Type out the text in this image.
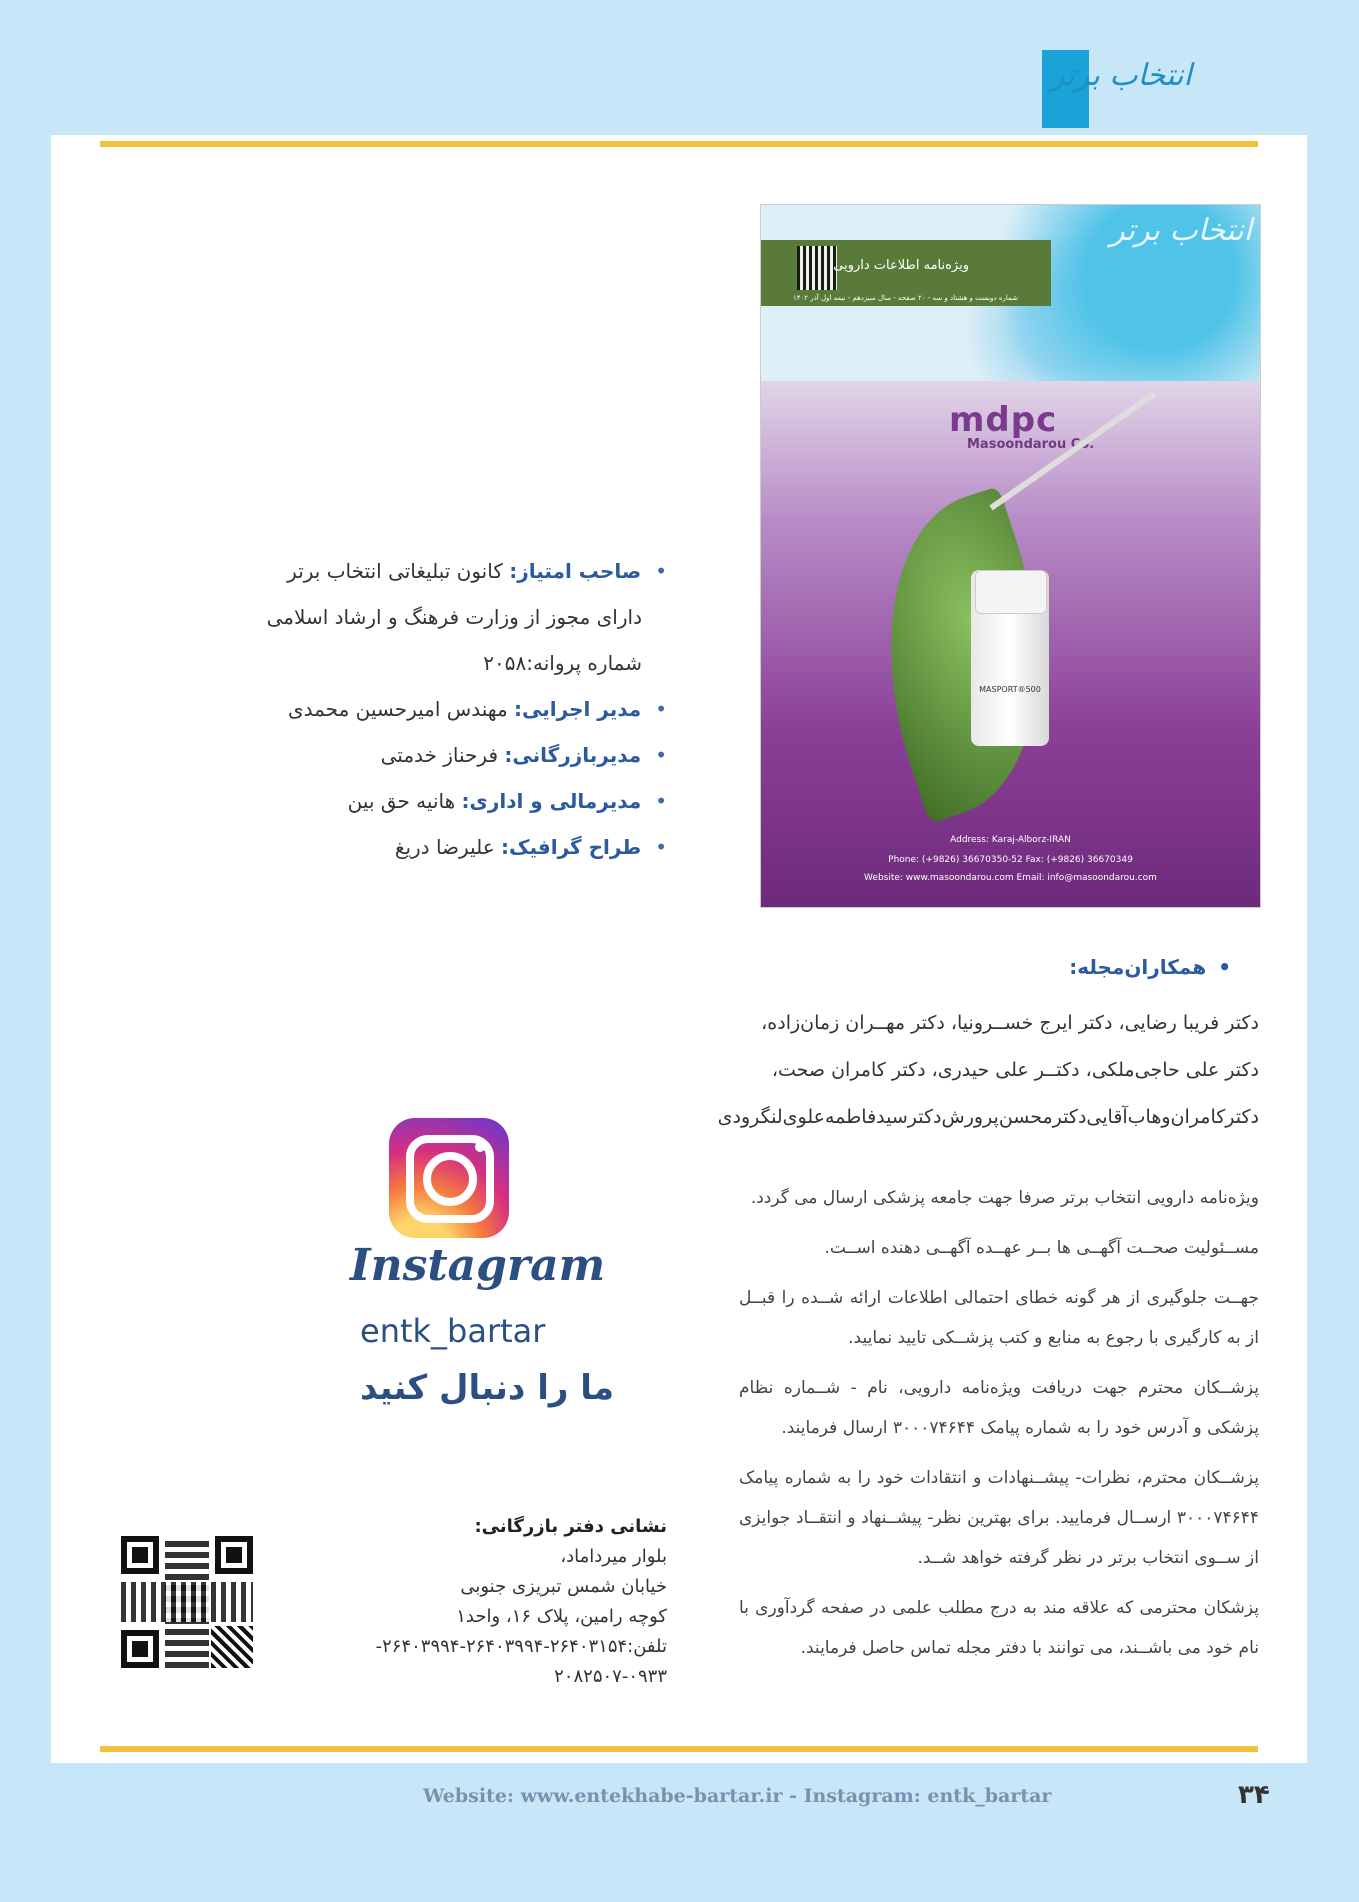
انتخاب برتر
ویژه‌نامه اطلاعات دارویی
شماره دویست و هشتاد و سه - ۲۰ صفحه - سال سیزدهم - نیمه اول آذر ۱۴۰۲
انتخاب برتر
mdpc
Masoondarou Co.
MASPORT®500
Address: Karaj-Alborz-IRAN
Phone: (+9826) 36670350-52 Fax: (+9826) 36670349
Website: www.masoondarou.com Email: info@masoondarou.com
•صاحب امتیاز: کانون تبلیغاتی انتخاب برتر
دارای مجوز از وزارت فرهنگ و ارشاد اسلامی
شماره پروانه:۲۰۵۸
•مدیر اجرایی: مهندس امیرحسین محمدی
•مدیربازرگانی: فرحناز خدمتی
•مدیرمالی و اداری: هانیه حق بین
•طراح گرافیک: علیرضا دریغ
•همکاران‌مجله:
دکتر فریبا رضایی، دکتر ایرج خســرونیا، دکتر مهــران زمان‌زاده،
دکتر علی حاجی‌ملکی، دکتــر علی حیدری، دکتر کامران صحت،
دکترکامران‌وهاب‌آقایی‌دکترمحسن‌پرورش‌دکترسیدفاطمه‌علوی‌لنگرودی

ویژه‌نامه دارویی انتخاب برتر صرفا جهت جامعه پزشکی ارسال می گردد.

مســئولیت صحــت آگهــی ها بــر عهــده آگهــی دهنده اســت.

جهــت جلوگیری از هر گونه خطای احتمالی اطلاعات ارائه شــده را قبــل از به کارگیری با رجوع به منابع و کتب پزشــکی تایید نمایید.

پزشــکان محترم جهت دریافت ویژه‌نامه دارویی، نام - شــماره نظام پزشکی و آدرس خود را به شماره پیامک ۳۰۰۰۷۴۶۴۴ ارسال فرمایند.

پزشــکان محترم، نظرات- پیشــنهادات و انتقادات خود را به شماره پیامک ۳۰۰۰۷۴۶۴۴ ارســال فرمایید. برای بهترین نظر- پیشــنهاد و انتقــاد جوایزی از ســوی انتخاب برتر در نظر گرفته خواهد شــد.

پزشکان محترمی که علاقه مند به درج مطلب علمی در صفحه گردآوری با نام خود می باشــند، می توانند با دفتر مجله تماس حاصل فرمایند.

Instagram
entk_bartar
ما را دنبال کنید
نشانی دفتر بازرگانی:
بلوار میرداماد،
خیابان شمس تبریزی جنوبی
کوچه رامین، پلاک ۱۶، واحد۱
تلفن:۲۶۴۰۳۱۵۴-۲۶۴۰۳۹۹۴-۲۶۴۰۳۹۹۴- ۰۹۳۳-۲۰۸۲۵۰۷
Website: www.entekhabe-bartar.ir - Instagram: entk_bartar	۳۴
